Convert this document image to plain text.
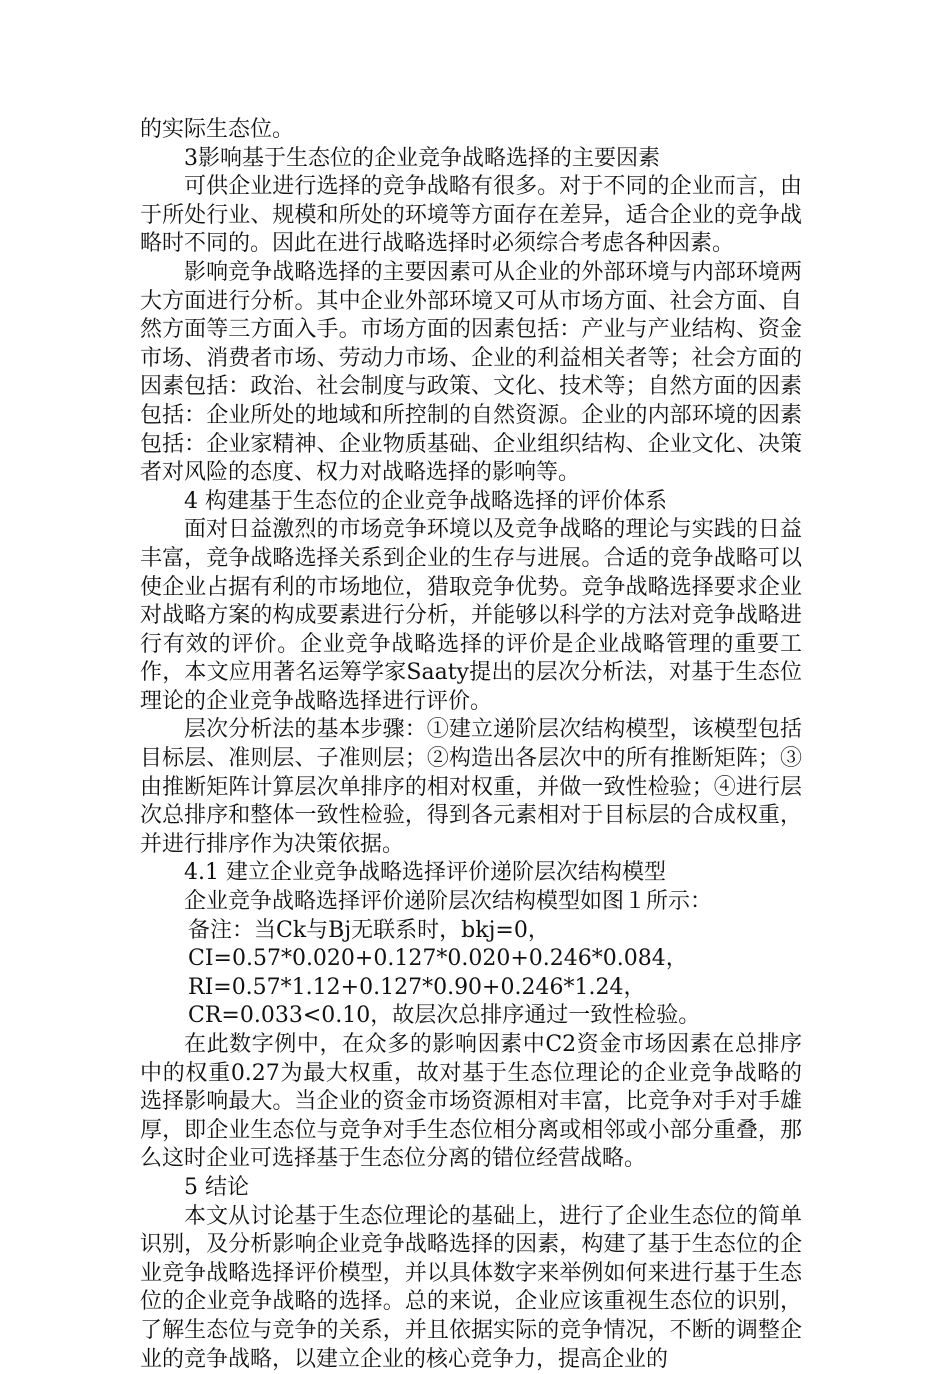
的实际生态位。

3影响基于生态位的企业竞争战略选择的主要因素

可供企业进行选择的竞争战略有很多。对于不同的企业而言，由于所处行业、规模和所处的环境等方面存在差异，适合企业的竞争战略时不同的。因此在进行战略选择时必须综合考虑各种因素。

影响竞争战略选择的主要因素可从企业的外部环境与内部环境两大方面进行分析。其中企业外部环境又可从市场方面、社会方面、自然方面等三方面入手。市场方面的因素包括：产业与产业结构、资金市场、消费者市场、劳动力市场、企业的利益相关者等；社会方面的因素包括：政治、社会制度与政策、文化、技术等；自然方面的因素包括：企业所处的地域和所控制的自然资源。企业的内部环境的因素包括：企业家精神、企业物质基础、企业组织结构、企业文化、决策者对风险的态度、权力对战略选择的影响等。

4 构建基于生态位的企业竞争战略选择的评价体系

面对日益激烈的市场竞争环境以及竞争战略的理论与实践的日益丰富，竞争战略选择关系到企业的生存与进展。合适的竞争战略可以使企业占据有利的市场地位，猎取竞争优势。竞争战略选择要求企业对战略方案的构成要素进行分析，并能够以科学的方法对竞争战略进行有效的评价。企业竞争战略选择的评价是企业战略管理的重要工作，本文应用著名运筹学家Saaty提出的层次分析法，对基于生态位理论的企业竞争战略选择进行评价。

层次分析法的基本步骤：①建立递阶层次结构模型，该模型包括目标层、准则层、子准则层；②构造出各层次中的所有推断矩阵；③由推断矩阵计算层次单排序的相对权重，并做一致性检验；④进行层次总排序和整体一致性检验，得到各元素相对于目标层的合成权重，并进行排序作为决策依据。

4.1 建立企业竞争战略选择评价递阶层次结构模型

企业竞争战略选择评价递阶层次结构模型如图１所示：

备注：当Ck与Bj无联系时，bkj=0，

CI=0.57*0.020+0.127*0.020+0.246*0.084，

RI=0.57*1.12+0.127*0.90+0.246*1.24，

CR=0.033<0.10，故层次总排序通过一致性检验。

在此数字例中，在众多的影响因素中C2资金市场因素在总排序中的权重0.27为最大权重，故对基于生态位理论的企业竞争战略的选择影响最大。当企业的资金市场资源相对丰富，比竞争对手对手雄厚，即企业生态位与竞争对手生态位相分离或相邻或小部分重叠，那么这时企业可选择基于生态位分离的错位经营战略。

5 结论

本文从讨论基于生态位理论的基础上，进行了企业生态位的简单识别，及分析影响企业竞争战略选择的因素，构建了基于生态位的企业竞争战略选择评价模型，并以具体数字来举例如何来进行基于生态位的企业竞争战略的选择。总的来说，企业应该重视生态位的识别，了解生态位与竞争的关系，并且依据实际的竞争情况，不断的调整企业的竞争战略，以建立企业的核心竞争力，提高企业的
